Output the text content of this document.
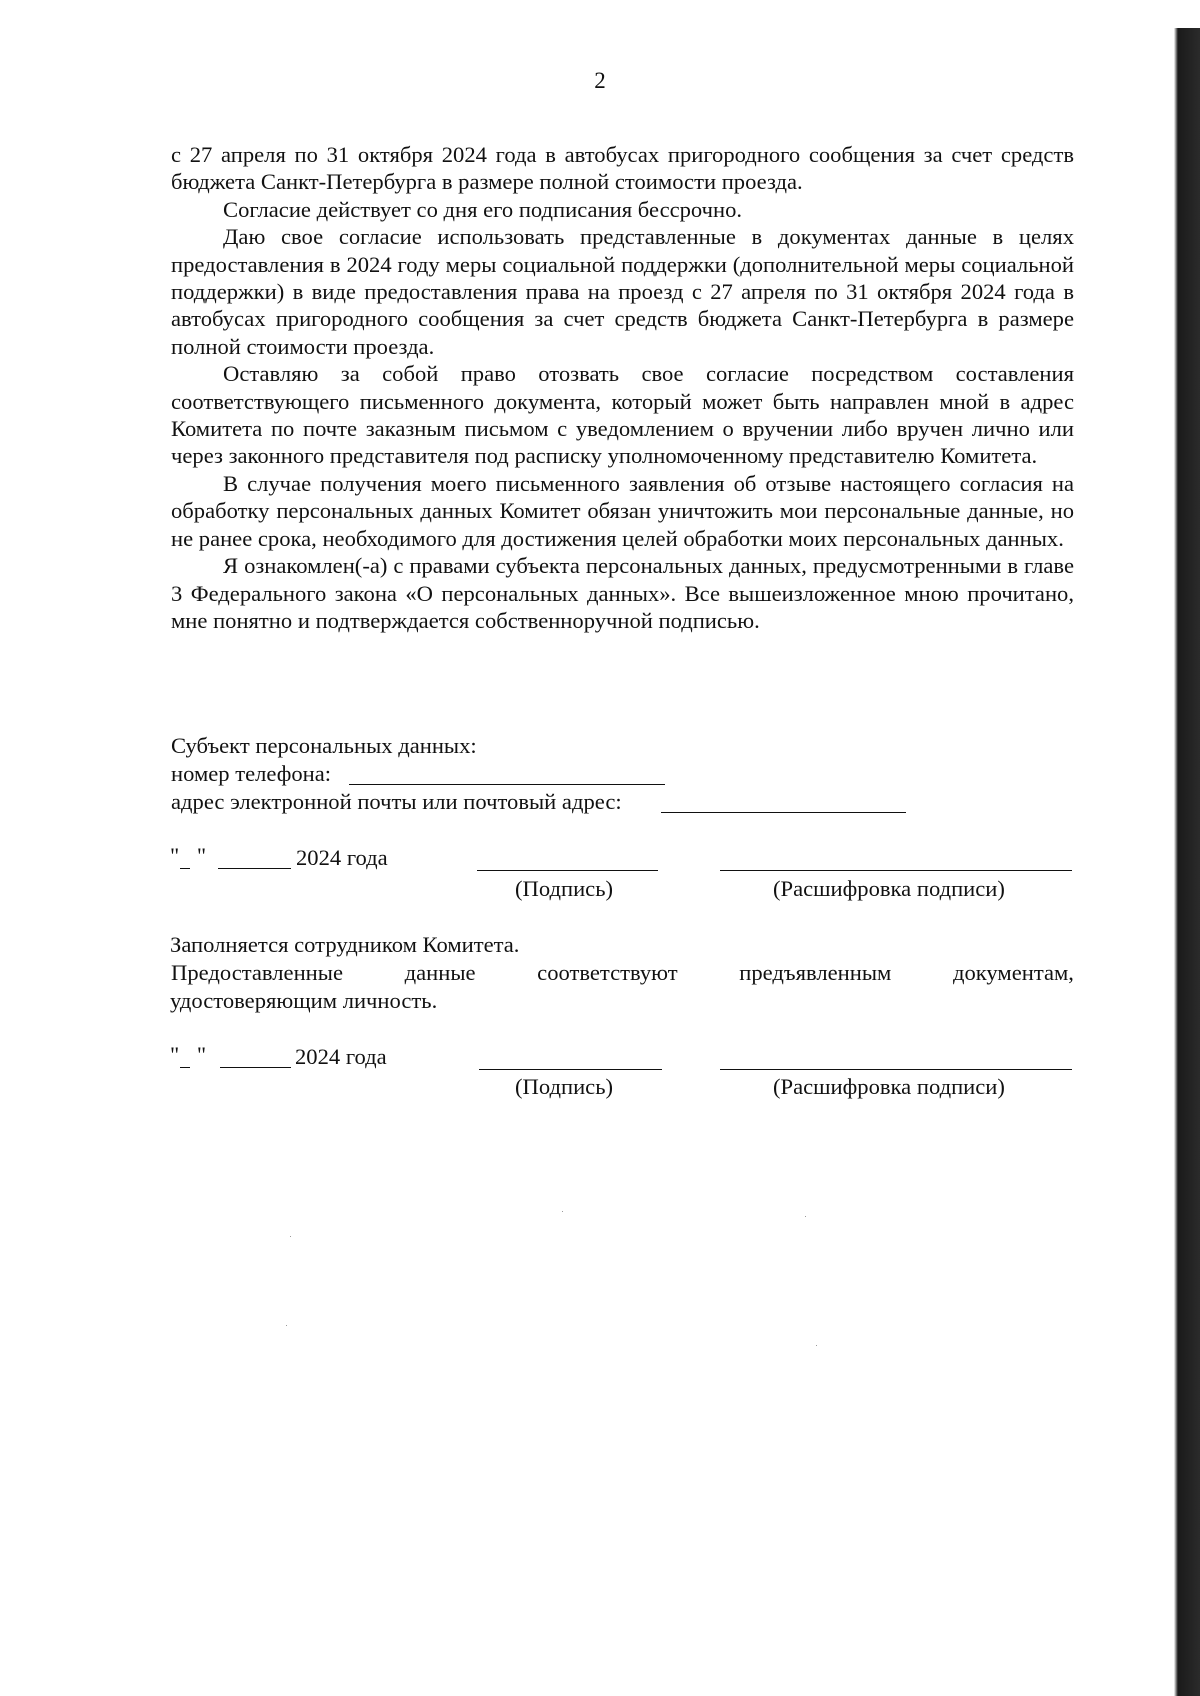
2

с 27 апреля по 31 октября 2024 года в автобусах пригородного сообщения за счет средств бюджета Санкт-Петербурга в размере полной стоимости проезда.

Согласие действует со дня его подписания бессрочно.

Даю свое согласие использовать представленные в документах данные в целях предоставления в 2024 году меры социальной поддержки (дополнительной меры социальной поддержки) в виде предоставления права на проезд с 27 апреля по 31 октября 2024 года в автобусах пригородного сообщения за счет средств бюджета Санкт-Петербурга в размере полной стоимости проезда.

Оставляю за собой право отозвать свое согласие посредством составления соответствующего письменного документа, который может быть направлен мной в адрес Комитета по почте заказным письмом с уведомлением о вручении либо вручен лично или через законного представителя под расписку уполномоченному представителю Комитета.

В случае получения моего письменного заявления об отзыве настоящего согласия на обработку персональных данных Комитет обязан уничтожить мои персональные данные, но не ранее срока, необходимого для достижения целей обработки моих персональных данных.

Я ознакомлен(-а) с правами субъекта персональных данных, предусмотренными в главе 3 Федерального закона «О персональных данных». Все вышеизложенное мною прочитано, мне понятно и подтверждается собственноручной подписью.

Субъект персональных данных:
номер телефона:
адрес электронной почты или почтовый адрес:
" "	2024 года
(Подпись)	(Расшифровка подписи)
Заполняется сотрудником Комитета.
Предоставленные	данные	соответствуют	предъявленным	документам,
удостоверяющим личность.
" "	2024 года
(Подпись)	(Расшифровка подписи)
